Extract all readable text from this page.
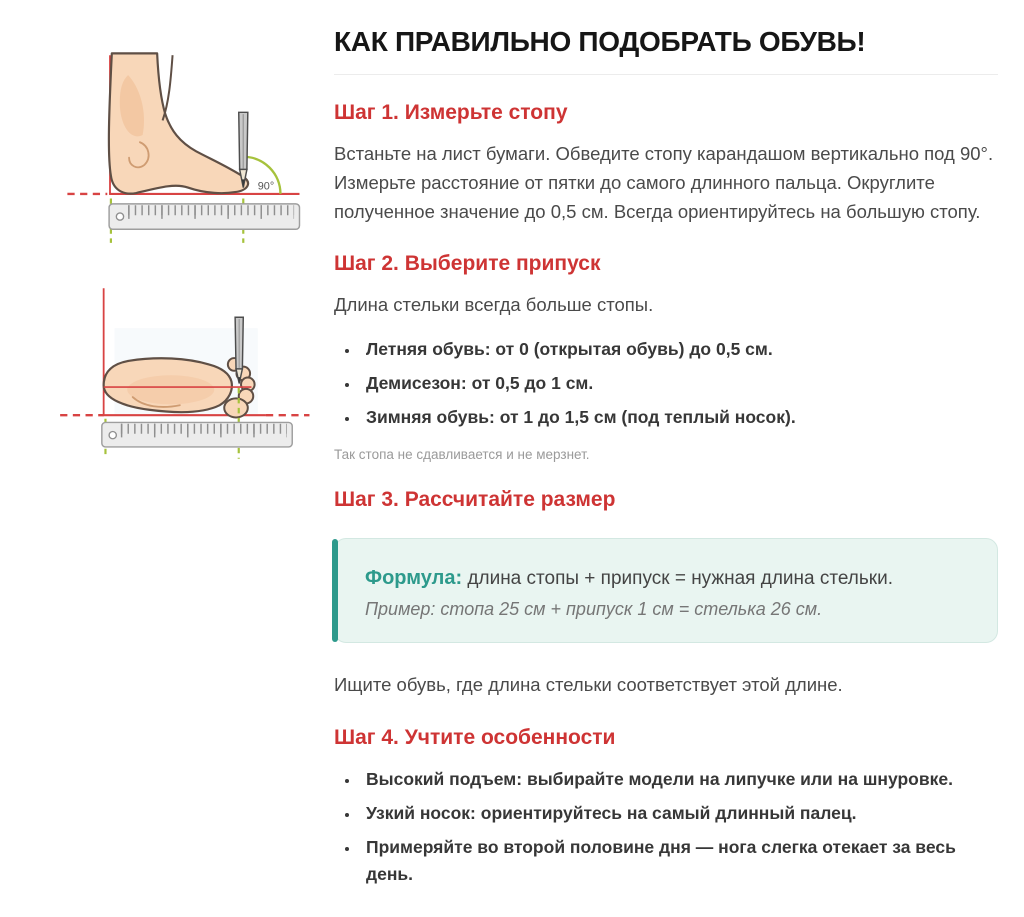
90°
КАК ПРАВИЛЬНО ПОДОБРАТЬ ОБУВЬ!
Шаг 1. Измерьте стопу

Встаньте на лист бумаги. Обведите стопу карандашом вертикально под 90°. Измерьте расстояние от пятки до самого длинного пальца. Округлите полученное значение до 0,5 см. Всегда ориентируйтесь на большую стопу.

Шаг 2. Выберите припуск

Длина стельки всегда больше стопы.

• Летняя обувь: от 0 (открытая обувь) до 0,5 см.
• Демисезон: от 0,5 до 1 см.
• Зимняя обувь: от 1 до 1,5 см (под теплый носок).

Так стопа не сдавливается и не мерзнет.

Шаг 3. Рассчитайте размер

Формула: длина стопы + припуск = нужная длина стельки.

Пример: стопа 25 см + припуск 1 см = стелька 26 см.

Ищите обувь, где длина стельки соответствует этой длине.

Шаг 4. Учтите особенности
• Высокий подъем: выбирайте модели на липучке или на шнуровке.
• Узкий носок: ориентируйтесь на самый длинный палец.
• Примеряйте во второй половине дня — нога слегка отекает за весь день.
